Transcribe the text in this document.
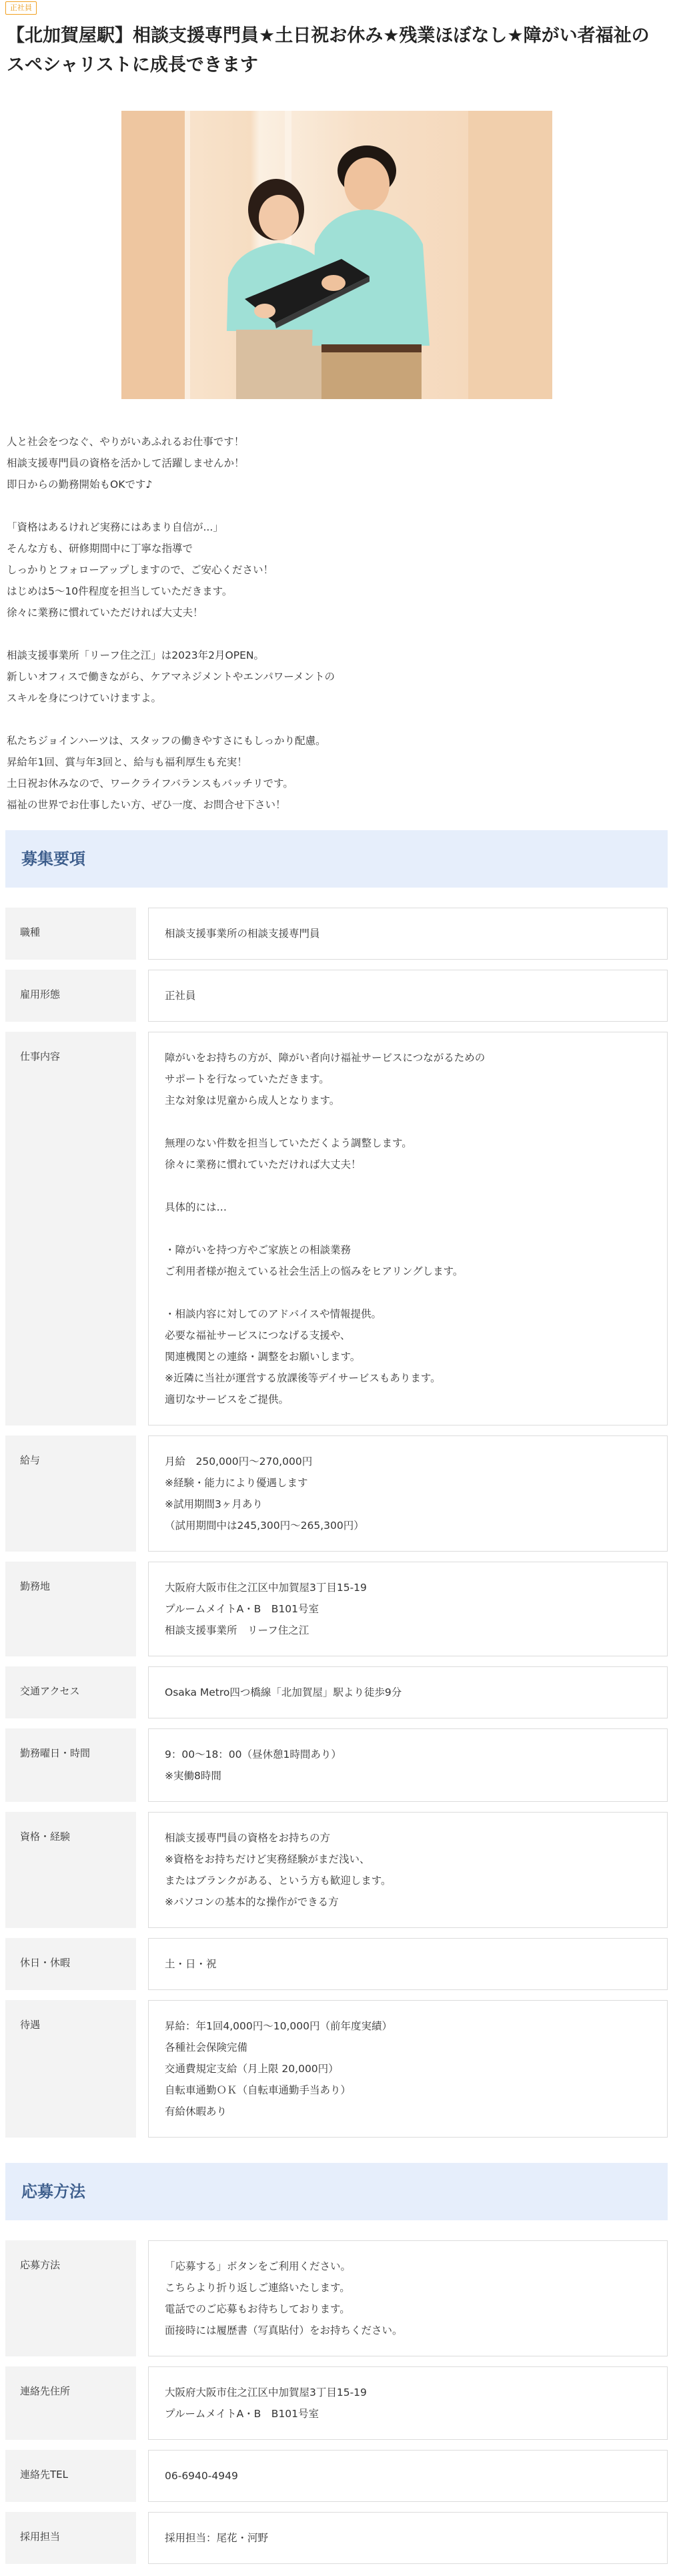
正社員
【北加賀屋駅】相談支援専門員★土日祝お休み★残業ほぼなし★障がい者福祉のスペシャリストに成長できます
人と社会をつなぐ、やりがいあふれるお仕事です！
相談支援専門員の資格を活かして活躍しませんか！
即日からの勤務開始もOKです♪

「資格はあるけれど実務にはあまり自信が...」
そんな方も、研修期間中に丁寧な指導で
しっかりとフォローアップしますので、ご安心ください！
はじめは5～10件程度を担当していただきます。
徐々に業務に慣れていただければ大丈夫！

相談支援事業所「リーフ住之江」は2023年2月OPEN。
新しいオフィスで働きながら、ケアマネジメントやエンパワーメントの
スキルを身につけていけますよ。

私たちジョインハーツは、スタッフの働きやすさにもしっかり配慮。
昇給年1回、賞与年3回と、給与も福利厚生も充実！
土日祝お休みなので、ワークライフバランスもバッチリです。
福祉の世界でお仕事したい方、ぜひ一度、お問合せ下さい！
募集要項
職種	相談支援事業所の相談支援専門員
雇用形態	正社員
仕事内容	障がいをお持ちの方が、障がい者向け福祉サービスにつながるための
サポートを行なっていただきます。
主な対象は児童から成人となります。

無理のない件数を担当していただくよう調整します。
徐々に業務に慣れていただければ大丈夫！

具体的には…

・障がいを持つ方やご家族との相談業務
ご利用者様が抱えている社会生活上の悩みをヒアリングします。

・相談内容に対してのアドバイスや情報提供。
必要な福祉サービスにつなげる支援や、
関連機関との連絡・調整をお願いします。
※近隣に当社が運営する放課後等デイサービスもあります。
適切なサービスをご提供。
給与	月給　250,000円～270,000円
※経験・能力により優遇します
※試用期間3ヶ月あり
（試用期間中は245,300円～265,300円）
勤務地	大阪府大阪市住之江区中加賀屋3丁目15-19
プルームメイトA・B　B101号室
相談支援事業所　リーフ住之江
交通アクセス	Osaka Metro四つ橋線「北加賀屋」駅より徒歩9分
勤務曜日・時間	9：00～18：00（昼休憩1時間あり）
※実働8時間
資格・経験	相談支援専門員の資格をお持ちの方
※資格をお持ちだけど実務経験がまだ浅い、
またはブランクがある、という方も歓迎します。
※パソコンの基本的な操作ができる方
休日・休暇	土・日・祝
待遇	昇給：年1回4,000円～10,000円（前年度実績）
各種社会保険完備
交通費規定支給（月上限 20,000円）
自転車通勤ＯＫ（自転車通勤手当あり）
有給休暇あり
応募方法
応募方法	「応募する」ボタンをご利用ください。
こちらより折り返しご連絡いたします。
電話でのご応募もお待ちしております。
面接時には履歴書（写真貼付）をお持ちください。
連絡先住所	大阪府大阪市住之江区中加賀屋3丁目15-19
プルームメイトA・B　B101号室
連絡先TEL	06-6940-4949
採用担当	採用担当：尾花・河野
